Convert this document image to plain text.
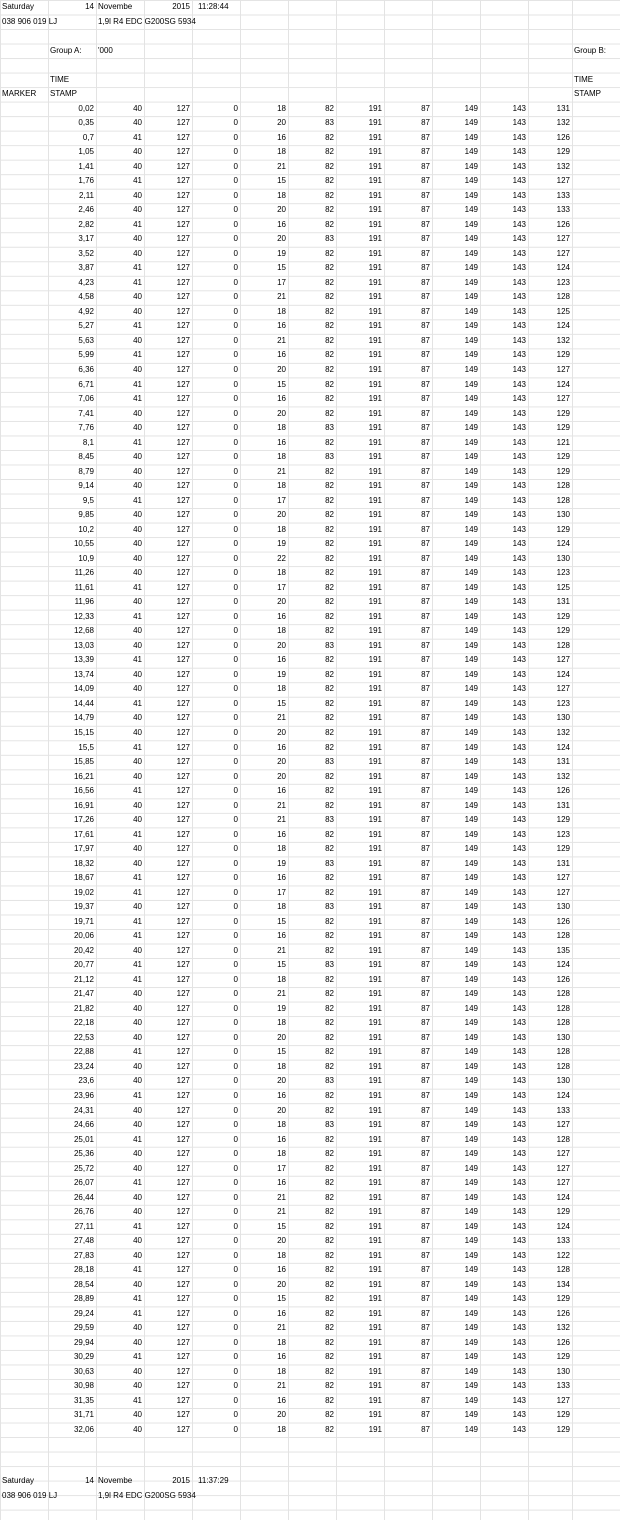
Saturday	14 Novembe	2015 11:28:44
038 906 019 LJ	1,9l R4 EDC G200SG 5934
Group A:	'000	Group B:
TIME	TIME
MARKER	STAMP	STAMP
0,02	40	127	0	18	82	191	87	149	143	131
0,35	40	127	0	20	83	191	87	149	143	132
0,7	41	127	0	16	82	191	87	149	143	126
1,05	40	127	0	18	82	191	87	149	143	129
1,41	40	127	0	21	82	191	87	149	143	132
1,76	41	127	0	15	82	191	87	149	143	127
2,11	40	127	0	18	82	191	87	149	143	133
2,46	40	127	0	20	82	191	87	149	143	133
2,82	41	127	0	16	82	191	87	149	143	126
3,17	40	127	0	20	83	191	87	149	143	127
3,52	40	127	0	19	82	191	87	149	143	127
3,87	41	127	0	15	82	191	87	149	143	124
4,23	41	127	0	17	82	191	87	149	143	123
4,58	40	127	0	21	82	191	87	149	143	128
4,92	40	127	0	18	82	191	87	149	143	125
5,27	41	127	0	16	82	191	87	149	143	124
5,63	40	127	0	21	82	191	87	149	143	132
5,99	41	127	0	16	82	191	87	149	143	129
6,36	40	127	0	20	82	191	87	149	143	127
6,71	41	127	0	15	82	191	87	149	143	124
7,06	41	127	0	16	82	191	87	149	143	127
7,41	40	127	0	20	82	191	87	149	143	129
7,76	40	127	0	18	83	191	87	149	143	129
8,1	41	127	0	16	82	191	87	149	143	121
8,45	40	127	0	18	83	191	87	149	143	129
8,79	40	127	0	21	82	191	87	149	143	129
9,14	40	127	0	18	82	191	87	149	143	128
9,5	41	127	0	17	82	191	87	149	143	128
9,85	40	127	0	20	82	191	87	149	143	130
10,2	40	127	0	18	82	191	87	149	143	129
10,55	40	127	0	19	82	191	87	149	143	124
10,9	40	127	0	22	82	191	87	149	143	130
11,26	40	127	0	18	82	191	87	149	143	123
11,61	41	127	0	17	82	191	87	149	143	125
11,96	40	127	0	20	82	191	87	149	143	131
12,33	41	127	0	16	82	191	87	149	143	129
12,68	40	127	0	18	82	191	87	149	143	129
13,03	40	127	0	20	83	191	87	149	143	128
13,39	41	127	0	16	82	191	87	149	143	127
13,74	40	127	0	19	82	191	87	149	143	124
14,09	40	127	0	18	82	191	87	149	143	127
14,44	41	127	0	15	82	191	87	149	143	123
14,79	40	127	0	21	82	191	87	149	143	130
15,15	40	127	0	20	82	191	87	149	143	132
15,5	41	127	0	16	82	191	87	149	143	124
15,85	40	127	0	20	83	191	87	149	143	131
16,21	40	127	0	20	82	191	87	149	143	132
16,56	41	127	0	16	82	191	87	149	143	126
16,91	40	127	0	21	82	191	87	149	143	131
17,26	40	127	0	21	83	191	87	149	143	129
17,61	41	127	0	16	82	191	87	149	143	123
17,97	40	127	0	18	82	191	87	149	143	129
18,32	40	127	0	19	83	191	87	149	143	131
18,67	41	127	0	16	82	191	87	149	143	127
19,02	41	127	0	17	82	191	87	149	143	127
19,37	40	127	0	18	83	191	87	149	143	130
19,71	41	127	0	15	82	191	87	149	143	126
20,06	41	127	0	16	82	191	87	149	143	128
20,42	40	127	0	21	82	191	87	149	143	135
20,77	41	127	0	15	83	191	87	149	143	124
21,12	41	127	0	18	82	191	87	149	143	126
21,47	40	127	0	21	82	191	87	149	143	128
21,82	40	127	0	19	82	191	87	149	143	128
22,18	40	127	0	18	82	191	87	149	143	128
22,53	40	127	0	20	82	191	87	149	143	130
22,88	41	127	0	15	82	191	87	149	143	128
23,24	40	127	0	18	82	191	87	149	143	128
23,6	40	127	0	20	83	191	87	149	143	130
23,96	41	127	0	16	82	191	87	149	143	124
24,31	40	127	0	20	82	191	87	149	143	133
24,66	40	127	0	18	83	191	87	149	143	127
25,01	41	127	0	16	82	191	87	149	143	128
25,36	40	127	0	18	82	191	87	149	143	127
25,72	40	127	0	17	82	191	87	149	143	127
26,07	41	127	0	16	82	191	87	149	143	127
26,44	40	127	0	21	82	191	87	149	143	124
26,76	40	127	0	21	82	191	87	149	143	129
27,11	41	127	0	15	82	191	87	149	143	124
27,48	40	127	0	20	82	191	87	149	143	133
27,83	40	127	0	18	82	191	87	149	143	122
28,18	41	127	0	16	82	191	87	149	143	128
28,54	40	127	0	20	82	191	87	149	143	134
28,89	41	127	0	15	82	191	87	149	143	129
29,24	41	127	0	16	82	191	87	149	143	126
29,59	40	127	0	21	82	191	87	149	143	132
29,94	40	127	0	18	82	191	87	149	143	126
30,29	41	127	0	16	82	191	87	149	143	129
30,63	40	127	0	18	82	191	87	149	143	130
30,98	40	127	0	21	82	191	87	149	143	133
31,35	41	127	0	16	82	191	87	149	143	127
31,71	40	127	0	20	82	191	87	149	143	129
32,06	40	127	0	18	82	191	87	149	143	129
Saturday	14 Novembe	2015 11:37:29
038 906 019 LJ	1,9l R4 EDC G200SG 5934
